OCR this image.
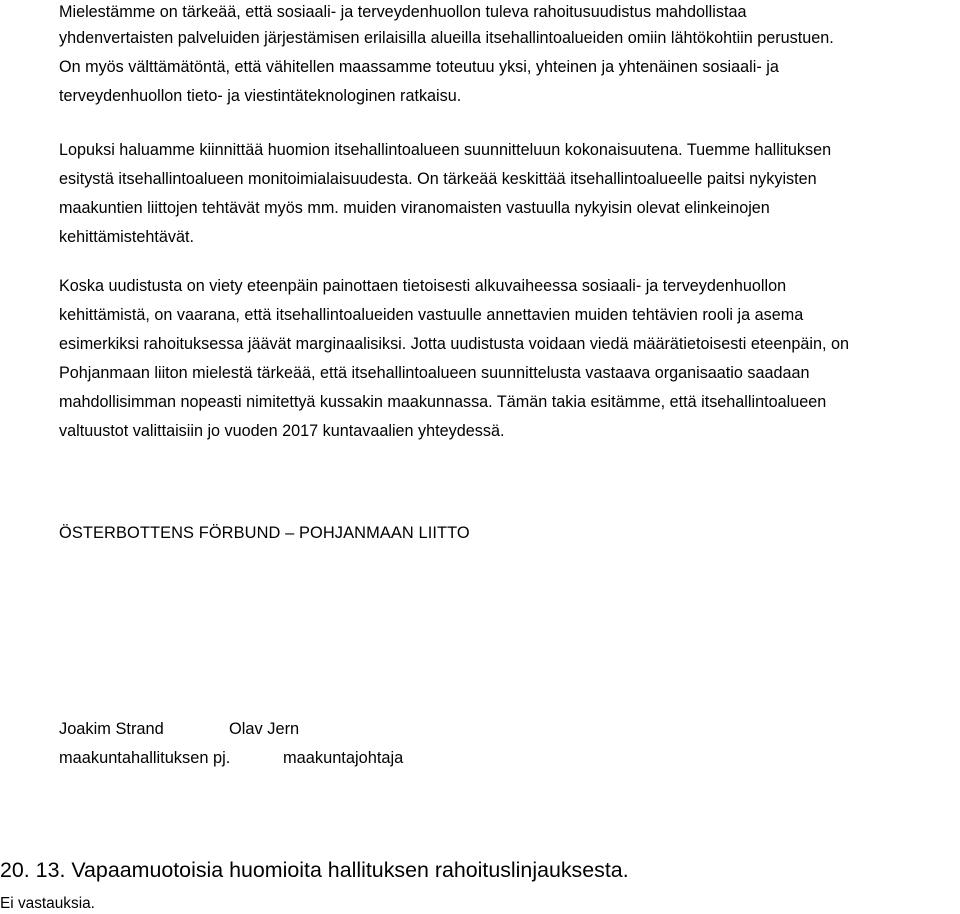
Mielestämme on tärkeää, että sosiaali- ja terveydenhuollon tuleva rahoitusuudistus mahdollistaa
yhdenvertaisten palveluiden järjestämisen erilaisilla alueilla itsehallintoalueiden omiin lähtökohtiin perustuen.
On myös välttämätöntä, että vähitellen maassamme toteutuu yksi, yhteinen ja yhtenäinen sosiaali- ja
terveydenhuollon tieto- ja viestintäteknologinen ratkaisu.
Lopuksi haluamme kiinnittää huomion itsehallintoalueen suunnitteluun kokonaisuutena. Tuemme hallituksen
esitystä itsehallintoalueen monitoimialaisuudesta. On tärkeää keskittää itsehallintoalueelle paitsi nykyisten
maakuntien liittojen tehtävät myös mm. muiden viranomaisten vastuulla nykyisin olevat elinkeinojen
kehittämistehtävät.
Koska uudistusta on viety eteenpäin painottaen tietoisesti alkuvaiheessa sosiaali- ja terveydenhuollon
kehittämistä, on vaarana, että itsehallintoalueiden vastuulle annettavien muiden tehtävien rooli ja asema
esimerkiksi rahoituksessa jäävät marginaalisiksi. Jotta uudistusta voidaan viedä määrätietoisesti eteenpäin, on
Pohjanmaan liiton mielestä tärkeää, että itsehallintoalueen suunnittelusta vastaava organisaatio saadaan
mahdollisimman nopeasti nimitettyä kussakin maakunnassa. Tämän takia esitämme, että itsehallintoalueen
valtuustot valittaisiin jo vuoden 2017 kuntavaalien yhteydessä.
ÖSTERBOTTENS FÖRBUND – POHJANMAAN LIITTO
Joakim Strand	Olav Jern
maakuntahallituksen pj.	maakuntajohtaja
20. 13. Vapaamuotoisia huomioita hallituksen rahoituslinjauksesta.
Ei vastauksia.
